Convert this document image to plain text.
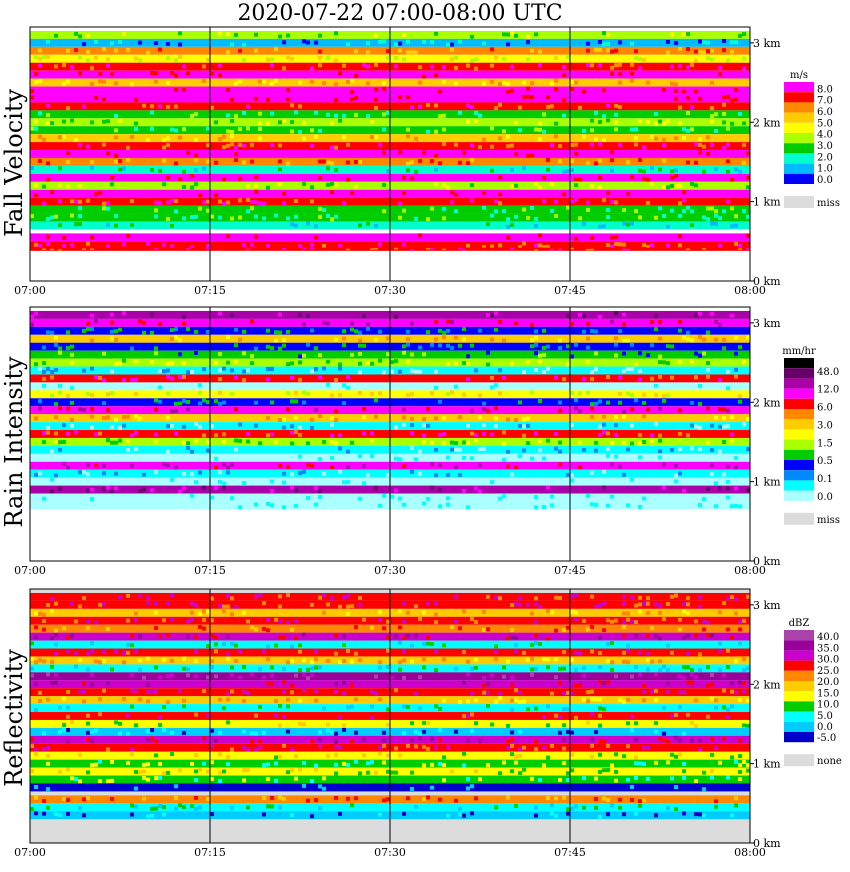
2020-07-22 07:00-08:00 UTC
07:00	07:15	07:30	07:45	08:00
0 km
1 km
2 km
3 km
Fall Velocity
m/s
8.0
7.0
6.0
5.0
4.0
3.0
2.0
1.0
0.0
miss
07:00	07:15	07:30	07:45	08:00
0 km
1 km
2 km
3 km
Rain Intensity
mm/hr
48.0
12.0
6.0
3.0
1.5
0.5
0.1
0.0
miss
07:00	07:15	07:30	07:45	08:00
0 km
1 km
2 km
3 km
Reflectivity
dBZ
40.0
35.0
30.0
25.0
20.0
15.0
10.0
5.0
0.0
-5.0
none
